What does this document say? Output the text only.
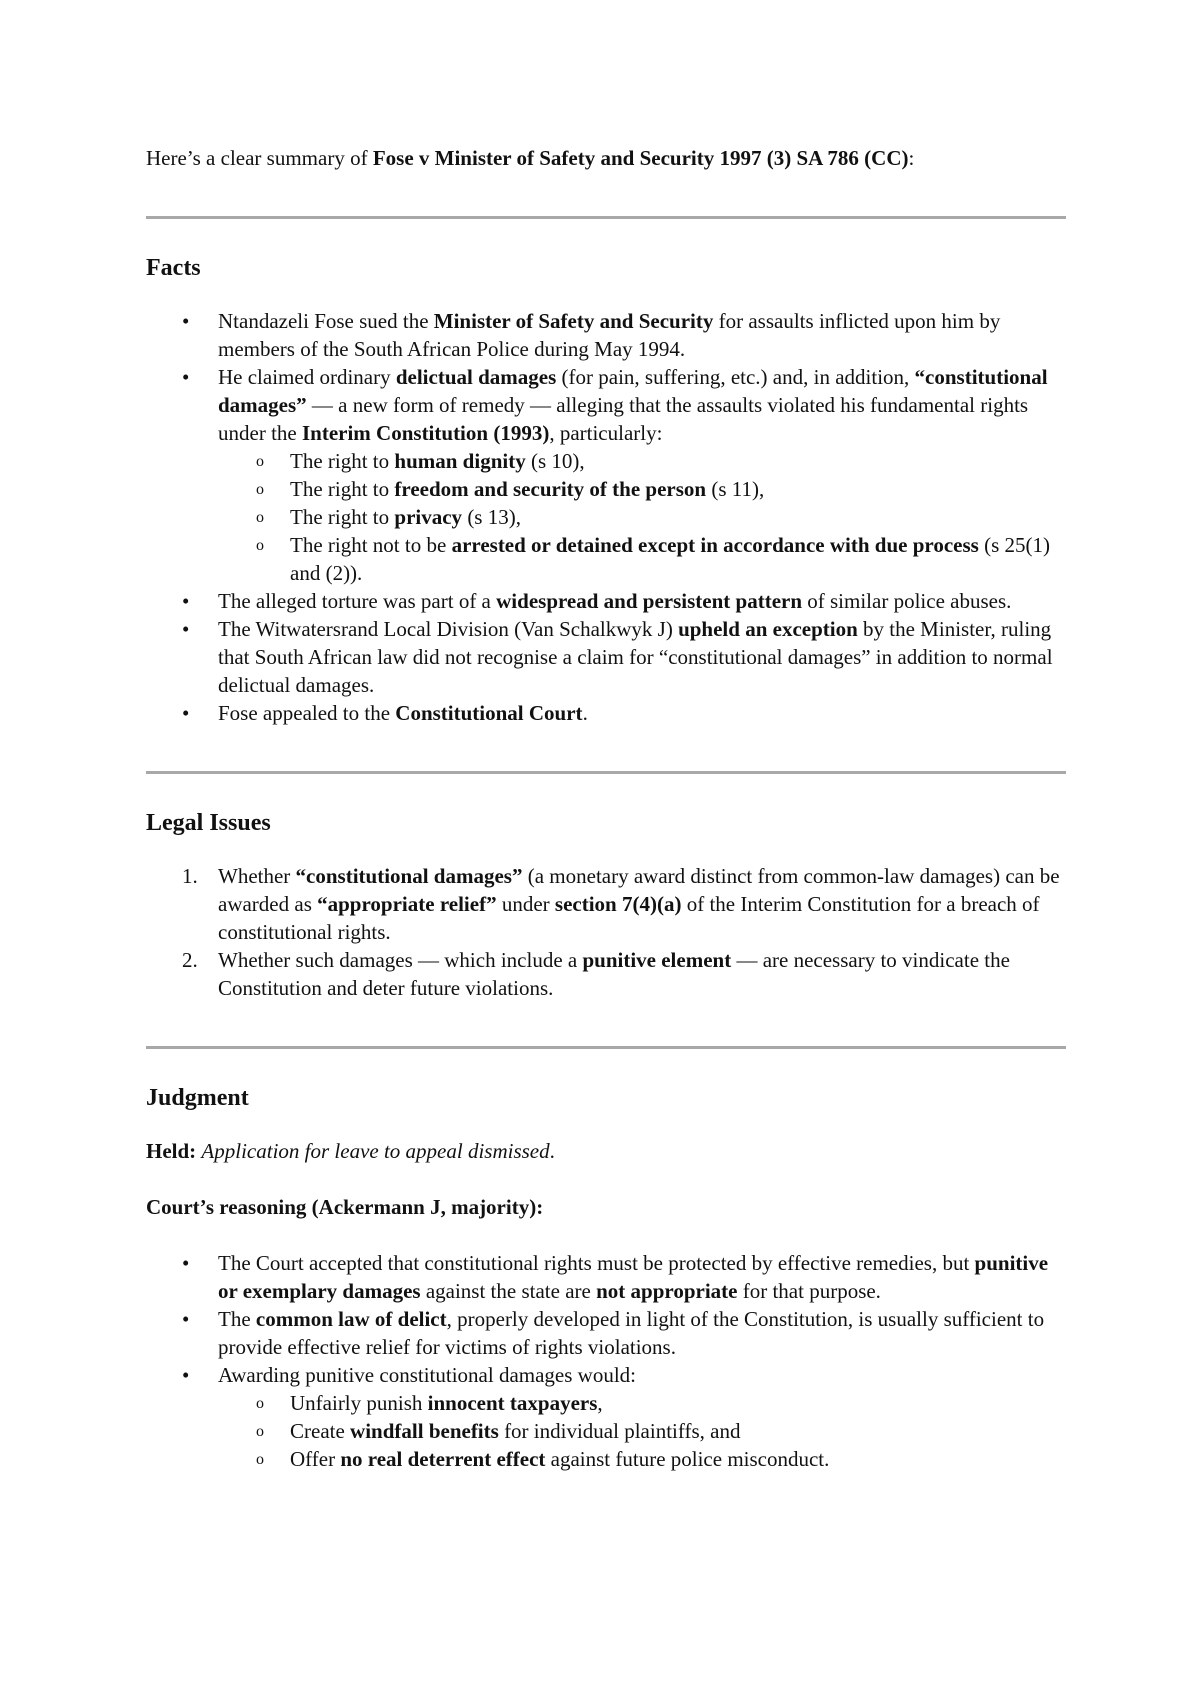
Here’s a clear summary of Fose v Minister of Safety and Security 1997 (3) SA 786 (CC):

Facts
• Ntandazeli Fose sued the Minister of Safety and Security for assaults inflicted upon him by members of the South African Police during May 1994.
• He claimed ordinary delictual damages (for pain, suffering, etc.) and, in addition, “constitutional damages” — a new form of remedy — alleging that the assaults violated his fundamental rights under the Interim Constitution (1993), particularly:
o The right to human dignity (s 10),
o The right to freedom and security of the person (s 11),
o The right to privacy (s 13),
o The right not to be arrested or detained except in accordance with due process (s 25(1) and (2)).
• The alleged torture was part of a widespread and persistent pattern of similar police abuses.
• The Witwatersrand Local Division (Van Schalkwyk J) upheld an exception by the Minister, ruling that South African law did not recognise a claim for “constitutional damages” in addition to normal delictual damages.
• Fose appealed to the Constitutional Court.
Legal Issues
1. Whether “constitutional damages” (a monetary award distinct from common-law damages) can be awarded as “appropriate relief” under section 7(4)(a) of the Interim Constitution for a breach of constitutional rights.
2. Whether such damages — which include a punitive element — are necessary to vindicate the Constitution and deter future violations.
Judgment

Held: Application for leave to appeal dismissed.

Court’s reasoning (Ackermann J, majority):

• The Court accepted that constitutional rights must be protected by effective remedies, but punitive or exemplary damages against the state are not appropriate for that purpose.
• The common law of delict, properly developed in light of the Constitution, is usually sufficient to provide effective relief for victims of rights violations.
• Awarding punitive constitutional damages would:
o Unfairly punish innocent taxpayers,
o Create windfall benefits for individual plaintiffs, and
o Offer no real deterrent effect against future police misconduct.
